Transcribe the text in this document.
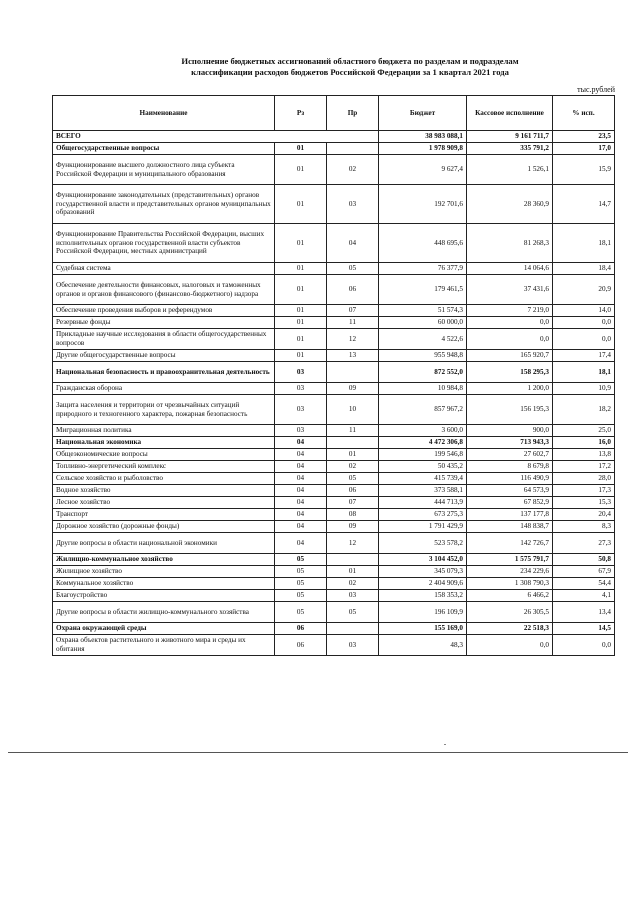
Исполнение бюджетных ассигнований областного бюджета по разделам и подразделам
классификации расходов бюджетов Российской Федерации за 1 квартал 2021 года
тыс.рублей
Наименование	Рз	Пр	Бюджет	Кассовое исполнение	% исп.
ВСЕГО			38 983 088,1	9 161 711,7	23,5
Общегосударственные вопросы	01		1 978 909,8	335 791,2	17,0
Функционирование высшего должностного лица субъекта Российской Федерации и муниципального образования	01	02	9 627,4	1 526,1	15,9
Функционирование законодательных (представительных) органов государственной власти и представительных органов муниципальных образований	01	03	192 701,6	28 360,9	14,7
Функционирование Правительства Российской Федерации, высших исполнительных органов государственной власти субъектов Российской Федерации, местных администраций	01	04	448 695,6	81 268,3	18,1
Судебная система	01	05	76 377,9	14 064,6	18,4
Обеспечение деятельности финансовых, налоговых и таможенных органов и органов финансового (финансово-бюджетного) надзора	01	06	179 461,5	37 431,6	20,9
Обеспечение проведения выборов и референдумов	01	07	51 574,3	7 219,0	14,0
Резервные фонды	01	11	60 000,0	0,0	0,0
Прикладные научные исследования в области общегосударственных вопросов	01	12	4 522,6	0,0	0,0
Другие общегосударственные вопросы	01	13	955 948,8	165 920,7	17,4
Национальная безопасность и правоохранительная деятельность	03		872 552,0	158 295,3	18,1
Гражданская оборона	03	09	10 984,8	1 200,0	10,9
Защита населения и территории от чрезвычайных ситуаций природного и техногенного характера, пожарная безопасность	03	10	857 967,2	156 195,3	18,2
Миграционная политика	03	11	3 600,0	900,0	25,0
Национальная экономика	04		4 472 306,8	713 943,3	16,0
Общеэкономические вопросы	04	01	199 546,8	27 602,7	13,8
Топливно-энергетический комплекс	04	02	50 435,2	8 679,8	17,2
Сельское хозяйство и рыболовство	04	05	415 739,4	116 490,9	28,0
Водное хозяйство	04	06	373 588,1	64 573,9	17,3
Лесное хозяйство	04	07	444 713,9	67 852,9	15,3
Транспорт	04	08	673 275,3	137 177,8	20,4
Дорожное хозяйство (дорожные фонды)	04	09	1 791 429,9	148 838,7	8,3
Другие вопросы в области национальной экономики	04	12	523 578,2	142 726,7	27,3
Жилищно-коммунальное хозяйство	05		3 104 452,0	1 575 791,7	50,8
Жилищное хозяйство	05	01	345 079,3	234 229,6	67,9
Коммунальное хозяйство	05	02	2 404 909,6	1 308 790,3	54,4
Благоустройство	05	03	158 353,2	6 466,2	4,1
Другие вопросы в области жилищно-коммунального хозяйства	05	05	196 109,9	26 305,5	13,4
Охрана окружающей среды	06		155 169,0	22 518,3	14,5
Охрана объектов растительного и животного мира и среды их обитания	06	03	48,3	0,0	0,0
